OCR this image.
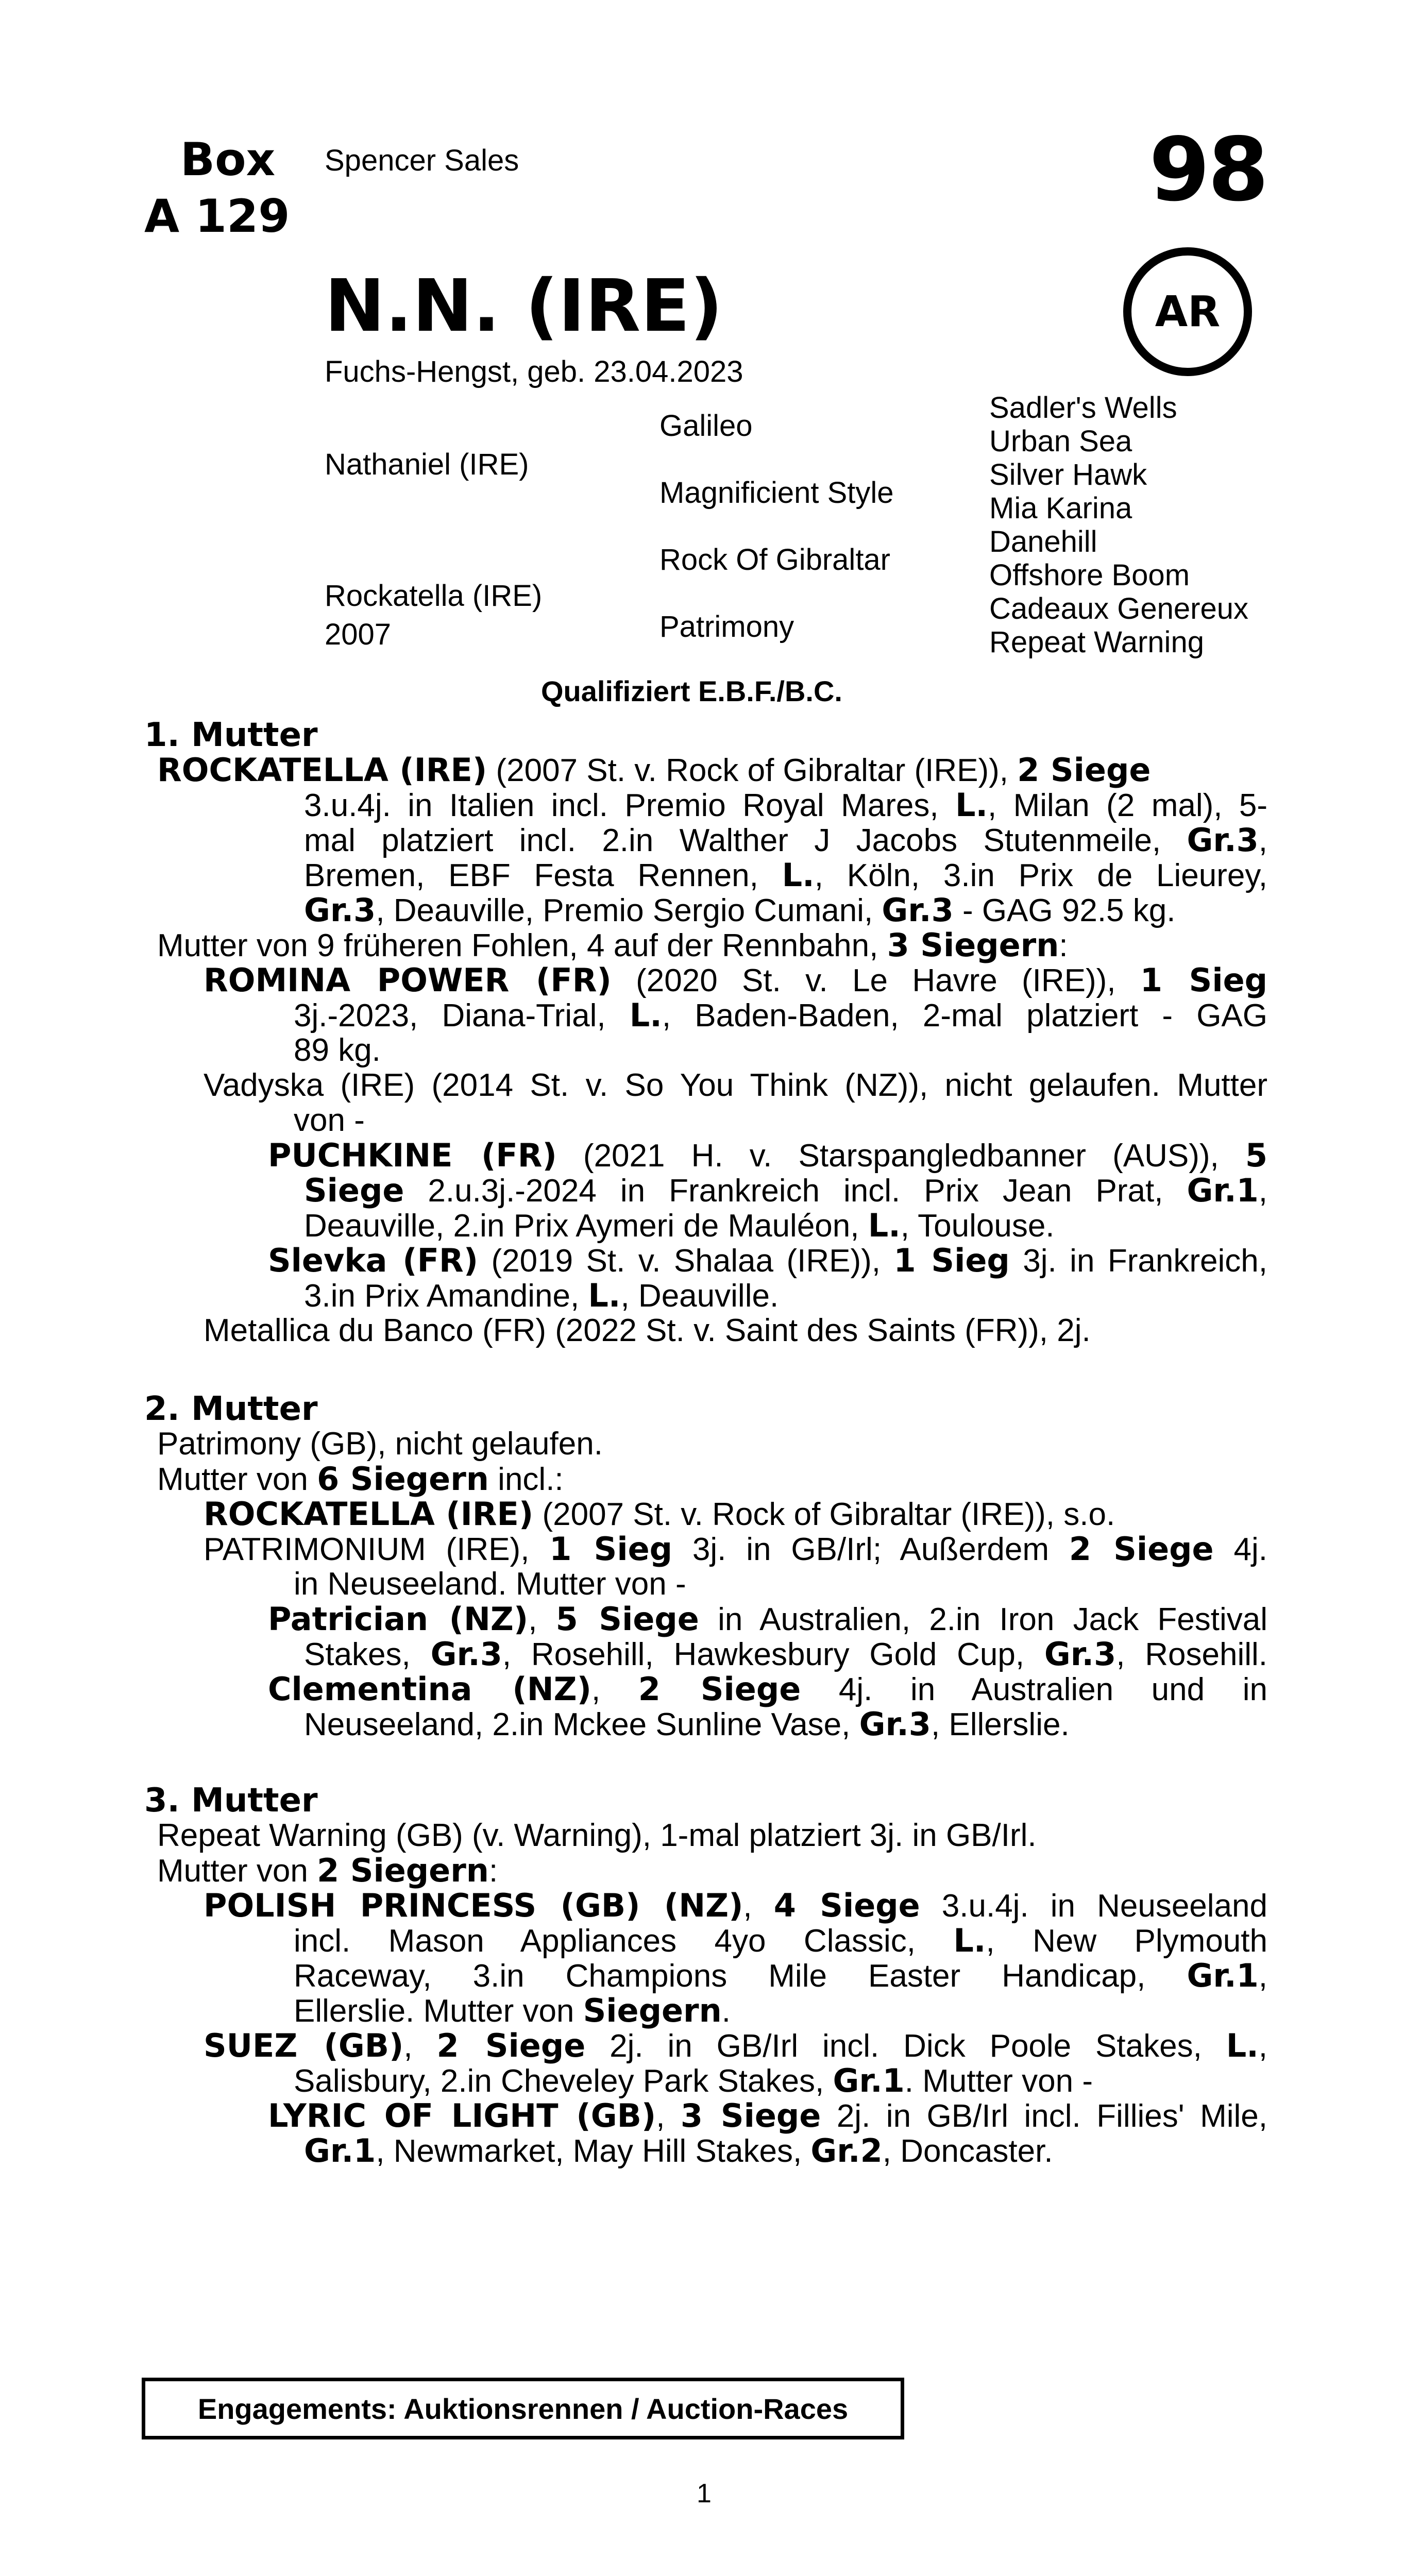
Box
A 129
Spencer Sales	98
N.N. (IRE)	AR
Fuchs-Hengst, geb. 23.04.2023
Nathaniel (IRE)
Rockatella (IRE)
2007
Galileo
Magnificient Style
Rock Of Gibraltar
Patrimony
Sadler's Wells
Urban Sea
Silver Hawk
Mia Karina
Danehill
Offshore Boom
Cadeaux Genereux
Repeat Warning
Qualifiziert E.B.F./B.C.
1. Mutter
ROCKATELLA (IRE) (2007 St. v. Rock of Gibraltar (IRE)), 2 Siege
3.u.4j. in Italien incl. Premio Royal Mares, L., Milan (2 mal), 5-
mal platziert incl. 2.in Walther J Jacobs Stutenmeile, Gr.3,
Bremen, EBF Festa Rennen, L., Köln, 3.in Prix de Lieurey,
Gr.3, Deauville, Premio Sergio Cumani, Gr.3 - GAG 92.5 kg.
Mutter von 9 früheren Fohlen, 4 auf der Rennbahn, 3 Siegern:
ROMINA POWER (FR) (2020 St. v. Le Havre (IRE)), 1 Sieg
3j.-2023, Diana-Trial, L., Baden-Baden, 2-mal platziert - GAG
89 kg.
Vadyska (IRE) (2014 St. v. So You Think (NZ)), nicht gelaufen. Mutter
von -
PUCHKINE (FR) (2021 H. v. Starspangledbanner (AUS)), 5
Siege 2.u.3j.-2024 in Frankreich incl. Prix Jean Prat, Gr.1,
Deauville, 2.in Prix Aymeri de Mauléon, L., Toulouse.
Slevka (FR) (2019 St. v. Shalaa (IRE)), 1 Sieg 3j. in Frankreich,
3.in Prix Amandine, L., Deauville.
Metallica du Banco (FR) (2022 St. v. Saint des Saints (FR)), 2j.
2. Mutter
Patrimony (GB), nicht gelaufen.
Mutter von 6 Siegern incl.:
ROCKATELLA (IRE) (2007 St. v. Rock of Gibraltar (IRE)), s.o.
PATRIMONIUM (IRE), 1 Sieg 3j. in GB/Irl; Außerdem 2 Siege 4j.
in Neuseeland. Mutter von -
Patrician (NZ), 5 Siege in Australien, 2.in Iron Jack Festival
Stakes, Gr.3, Rosehill, Hawkesbury Gold Cup, Gr.3, Rosehill.
Clementina (NZ), 2 Siege 4j. in Australien und in
Neuseeland, 2.in Mckee Sunline Vase, Gr.3, Ellerslie.
3. Mutter
Repeat Warning (GB) (v. Warning), 1-mal platziert 3j. in GB/Irl.
Mutter von 2 Siegern:
POLISH PRINCESS (GB) (NZ), 4 Siege 3.u.4j. in Neuseeland
incl. Mason Appliances 4yo Classic, L., New Plymouth
Raceway, 3.in Champions Mile Easter Handicap, Gr.1,
Ellerslie. Mutter von Siegern.
SUEZ (GB), 2 Siege 2j. in GB/Irl incl. Dick Poole Stakes, L.,
Salisbury, 2.in Cheveley Park Stakes, Gr.1. Mutter von -
LYRIC OF LIGHT (GB), 3 Siege 2j. in GB/Irl incl. Fillies' Mile,
Gr.1, Newmarket, May Hill Stakes, Gr.2, Doncaster.
Engagements: Auktionsrennen / Auction-Races
1
